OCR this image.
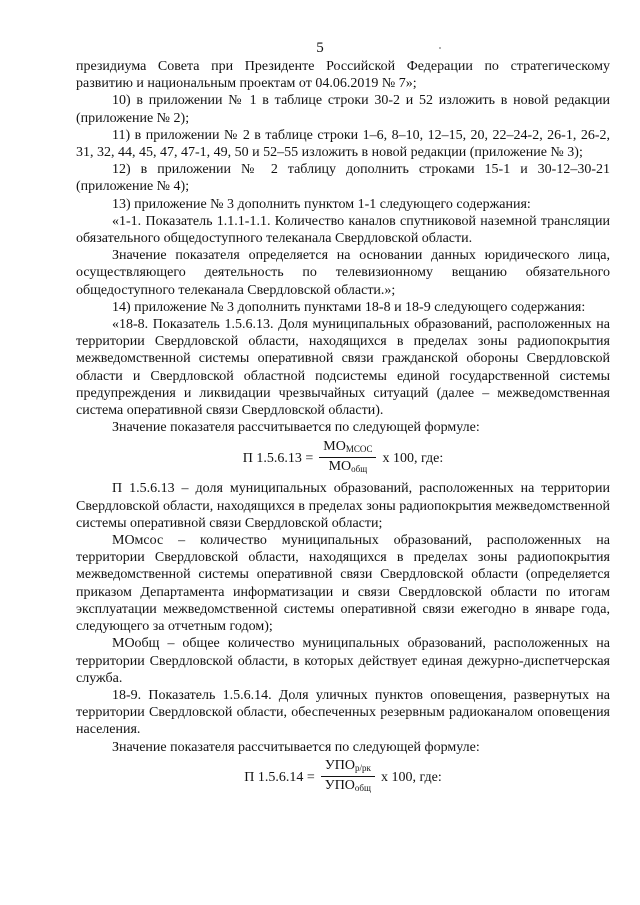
5

президиума Совета при Президенте Российской Федерации по стратегическому развитию и национальным проектам от 04.06.2019 № 7»;

10) в приложении № 1 в таблице строки 30-2 и 52 изложить в новой редакции (приложение № 2);

11) в приложении № 2 в таблице строки 1–6, 8–10, 12–15, 20, 22–24-2, 26-1, 26-2, 31, 32, 44, 45, 47, 47-1, 49, 50 и 52–55 изложить в новой редакции (приложение № 3);

12) в приложении № 2 таблицу дополнить строками 15-1 и 30-12–30-21 (приложение № 4);

13) приложение № 3 дополнить пунктом 1-1 следующего содержания:

«1-1. Показатель 1.1.1-1.1. Количество каналов спутниковой наземной трансляции обязательного общедоступного телеканала Свердловской области.

Значение показателя определяется на основании данных юридического лица, осуществляющего деятельность по телевизионному вещанию обязательного общедоступного телеканала Свердловской области.»;

14) приложение № 3 дополнить пунктами 18-8 и 18-9 следующего содержания:

«18-8. Показатель 1.5.6.13. Доля муниципальных образований, расположенных на территории Свердловской области, находящихся в пределах зоны радиопокрытия межведомственной системы оперативной связи гражданской обороны Свердловской области и Свердловской областной подсистемы единой государственной системы предупреждения и ликвидации чрезвычайных ситуаций (далее – межведомственная система оперативной связи Свердловской области).

Значение показателя рассчитывается по следующей формуле:

П $1.5.6.13 = \frac{МО_{МСОС}}{МО_{общ}}$ х 100, где:

П 1.5.6.13 – доля муниципальных образований, расположенных на территории Свердловской области, находящихся в пределах зоны радиопокрытия межведомственной системы оперативной связи Свердловской области;

МОмсос – количество муниципальных образований, расположенных на территории Свердловской области, находящихся в пределах зоны радиопокрытия межведомственной системы оперативной связи Свердловской области (определяется приказом Департамента информатизации и связи Свердловской области по итогам эксплуатации межведомственной системы оперативной связи ежегодно в январе года, следующего за отчетным годом);

МОобщ – общее количество муниципальных образований, расположенных на территории Свердловской области, в которых действует единая дежурно-диспетчерская служба.

18-9. Показатель 1.5.6.14. Доля уличных пунктов оповещения, развернутых на территории Свердловской области, обеспеченных резервным радиоканалом оповещения населения.

Значение показателя рассчитывается по следующей формуле:

П $1.5.6.14 = \frac{УПО_{р/рк}}{УПО_{общ}}$ х 100, где:
